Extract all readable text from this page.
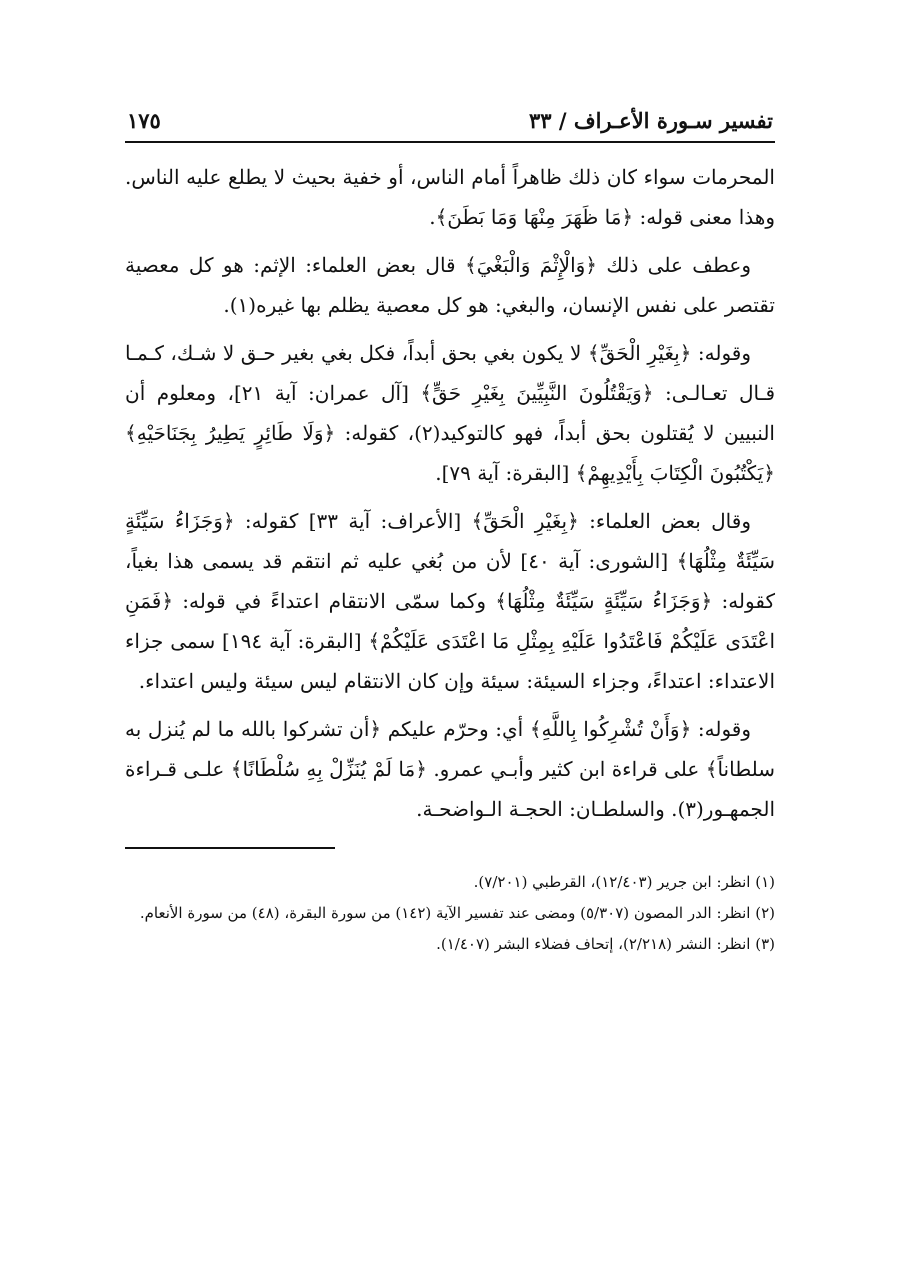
تفسير سـورة الأعـراف / ٣٣
١٧٥

المحرمات سواء كان ذلك ظاهراً أمام الناس، أو خفية بحيث لا يطلع عليه الناس. وهذا معنى قوله: ﴿مَا ظَهَرَ مِنْهَا وَمَا بَطَنَ﴾.

وعطف على ذلك ﴿وَالْإِثْمَ وَالْبَغْيَ﴾ قال بعض العلماء: الإثم: هو كل معصية تقتصر على نفس الإنسان، والبغي: هو كل معصية يظلم بها غيره(١).

وقوله: ﴿بِغَيْرِ الْحَقِّ﴾ لا يكون بغي بحق أبداً، فكل بغي بغير حـق لا شـك، كـمـا قـال تعـالـى: ﴿وَيَقْتُلُونَ النَّبِيِّينَ بِغَيْرِ حَقٍّ﴾ [آل عمران: آية ٢١]، ومعلوم أن النبيين لا يُقتلون بحق أبداً، فهو كالتوكيد(٢)، كقوله: ﴿وَلَا طَائِرٍ يَطِيرُ بِجَنَاحَيْهِ﴾ ﴿يَكْتُبُونَ الْكِتَابَ بِأَيْدِيهِمْ﴾ [البقرة: آية ٧٩].

وقال بعض العلماء: ﴿بِغَيْرِ الْحَقِّ﴾ [الأعراف: آية ٣٣] كقوله: ﴿وَجَزَاءُ سَيِّئَةٍ سَيِّئَةٌ مِثْلُهَا﴾ [الشورى: آية ٤٠] لأن من بُغي عليه ثم انتقم قد يسمى هذا بغياً، كقوله: ﴿وَجَزَاءُ سَيِّئَةٍ سَيِّئَةٌ مِثْلُهَا﴾ وكما سمّى الانتقام اعتداءً في قوله: ﴿فَمَنِ اعْتَدَى عَلَيْكُمْ فَاعْتَدُوا عَلَيْهِ بِمِثْلِ مَا اعْتَدَى عَلَيْكُمْ﴾ [البقرة: آية ١٩٤] سمى جزاء الاعتداء: اعتداءً، وجزاء السيئة: سيئة وإن كان الانتقام ليس سيئة وليس اعتداء.

وقوله: ﴿وَأَنْ تُشْرِكُوا بِاللَّهِ﴾ أي: وحرّم عليكم ﴿أن تشركوا بالله ما لم يُنزل به سلطاناً﴾ على قراءة ابن كثير وأبـي عمرو. ﴿مَا لَمْ يُنَزِّلْ بِهِ سُلْطَانًا﴾ علـى قـراءة الجمهـور(٣). والسلطـان: الحجـة الـواضحـة.

(١) انظر: ابن جرير (١٢/٤٠٣)، القرطبي (٧/٢٠١).

(٢) انظر: الدر المصون (٥/٣٠٧) ومضى عند تفسير الآية (١٤٢) من سورة البقرة، (٤٨) من سورة الأنعام.

(٣) انظر: النشر (٢/٢١٨)، إتحاف فضلاء البشر (١/٤٠٧).
